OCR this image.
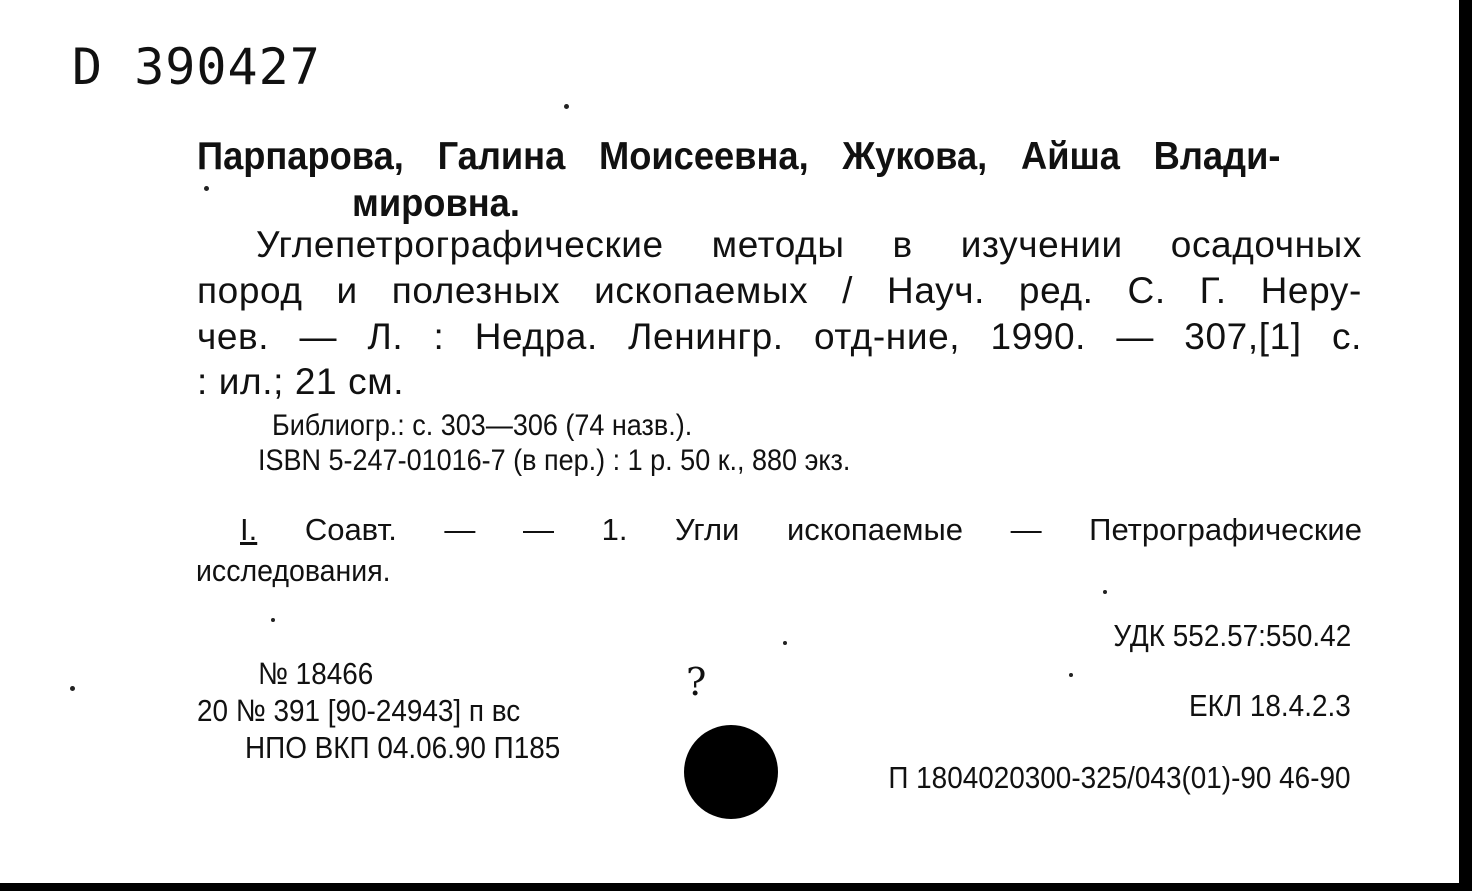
D 390427
Парпарова, Галина Моисеевна, Жукова, Айша Влади-
мировна.
Углепетрографические методы в изучении осадочных
пород и полезных ископаемых / Науч. ред. С. Г. Неру-
чев. — Л. : Недра. Ленингр. отд-ние, 1990. — 307,[1] с.
: ил.; 21 см.
Библиогр.: с. 303—306 (74 назв.).
ISBN 5-247-01016-7 (в пер.) : 1 р. 50 к., 880 экз.
I. Соавт. — — 1. Угли ископаемые — Петрографические
исследования.
УДК 552.57:550.42
ЕКЛ 18.4.2.3
П 1804020300-325/043(01)-90 46-90
№ 18466
20 № 391 [90-24943] п вс
НПО ВКП 04.06.90 П185
?
